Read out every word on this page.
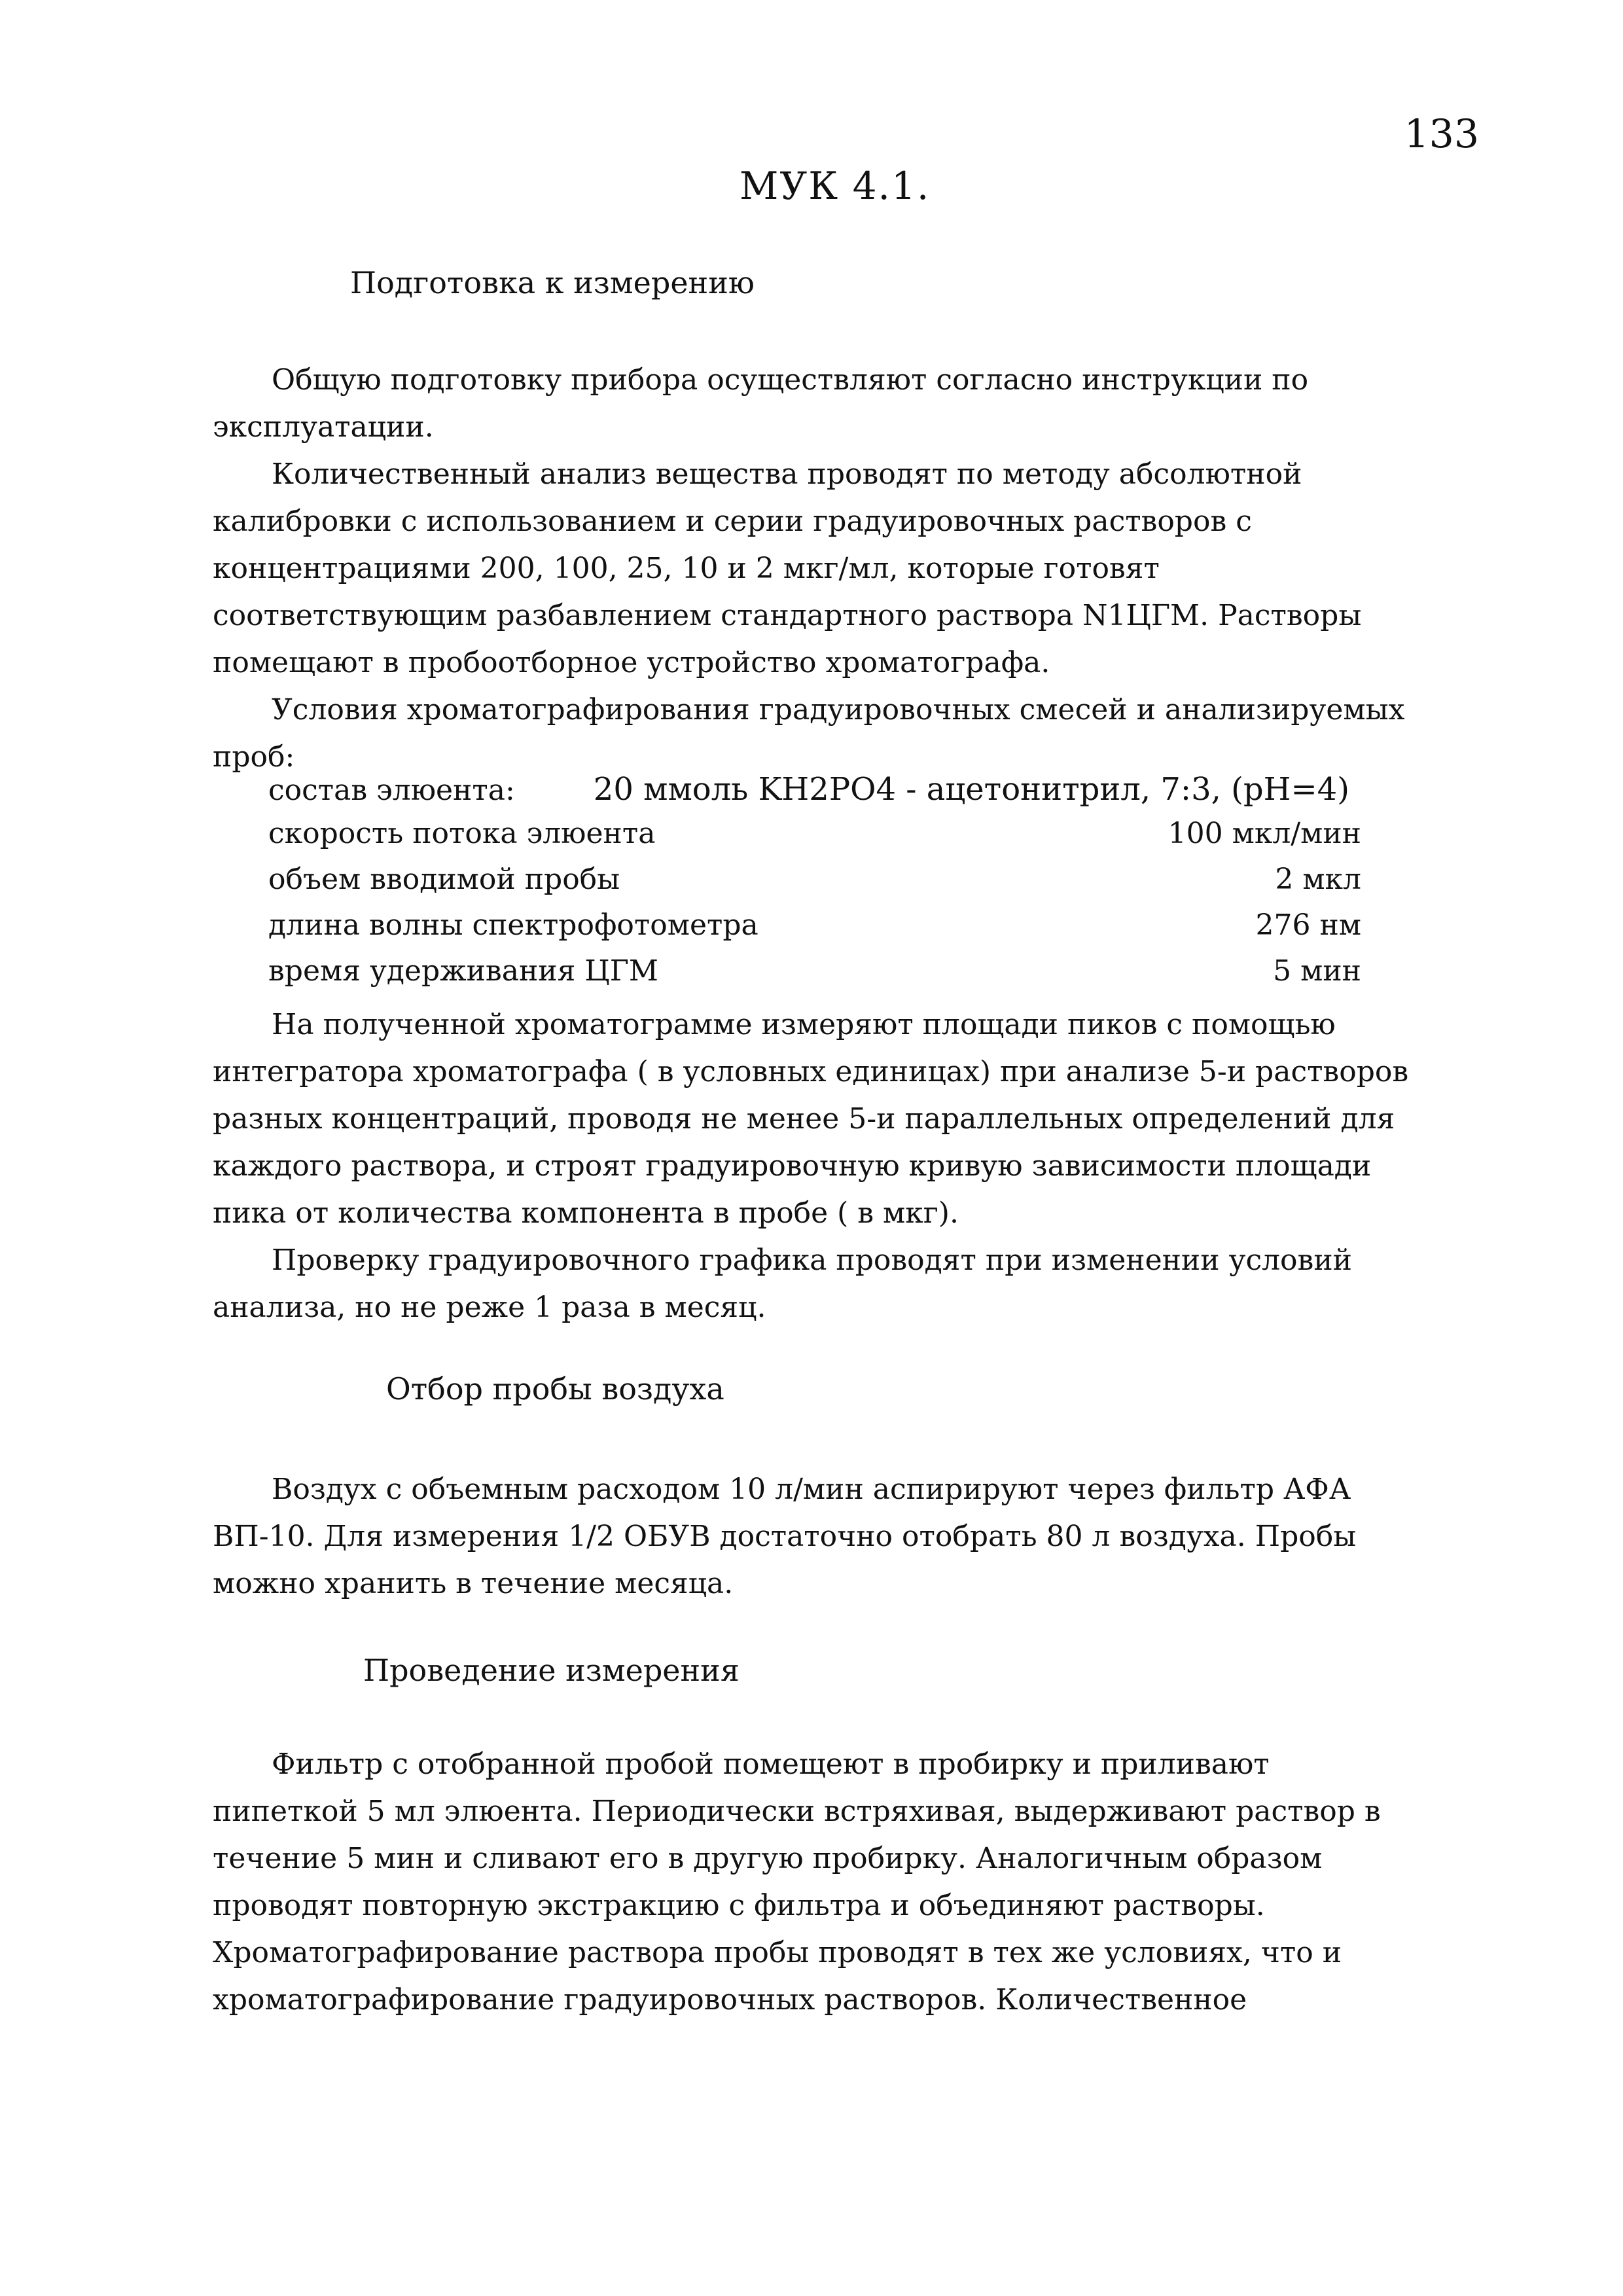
133
МУК 4.1.
Подготовка к измерению

Общую подготовку прибора осуществляют согласно инструкции по эксплуатации.

Количественный анализ вещества проводят по методу абсолютной калибровки с использованием и серии градуировочных растворов с концентрациями 200, 100, 25, 10 и 2 мкг/мл, которые готовят соответствующим разбавлением стандартного раствора N1ЦГМ. Растворы помещают в пробоотборное устройство хроматографа.

Условия хроматографирования градуировочных смесей и анализируемых проб:

состав элюента:	20 ммоль KH2PO4 - ацетонитрил, 7:3, (pH=4)
скорость потока элюента	100 мкл/мин
объем вводимой пробы	2 мкл
длина волны спектрофотометра	276 нм
время удерживания ЦГМ	5 мин

На полученной хроматограмме измеряют площади пиков с помощью интегратора хроматографа ( в условных единицах) при анализе 5-и растворов разных концентраций, проводя не менее 5-и параллельных определений для каждого раствора, и строят градуировочную кривую зависимости площади пика от количества компонента в пробе ( в мкг).

Проверку градуировочного графика проводят при изменении условий анализа, но не реже 1 раза в месяц.

Отбор пробы воздуха

Воздух с объемным расходом 10 л/мин аспирируют через фильтр АФА ВП-10. Для измерения 1/2 ОБУВ достаточно отобрать 80 л воздуха. Пробы можно хранить в течение месяца.

Проведение измерения

Фильтр с отобранной пробой помещеют в пробирку и приливают пипеткой 5 мл элюента. Периодически встряхивая, выдерживают раствор в течение 5 мин и сливают его в другую пробирку. Аналогичным образом проводят повторную экстракцию с фильтра и объединяют растворы. Хроматографирование раствора пробы проводят в тех же условиях, что и хроматографирование градуировочных растворов. Количественное
